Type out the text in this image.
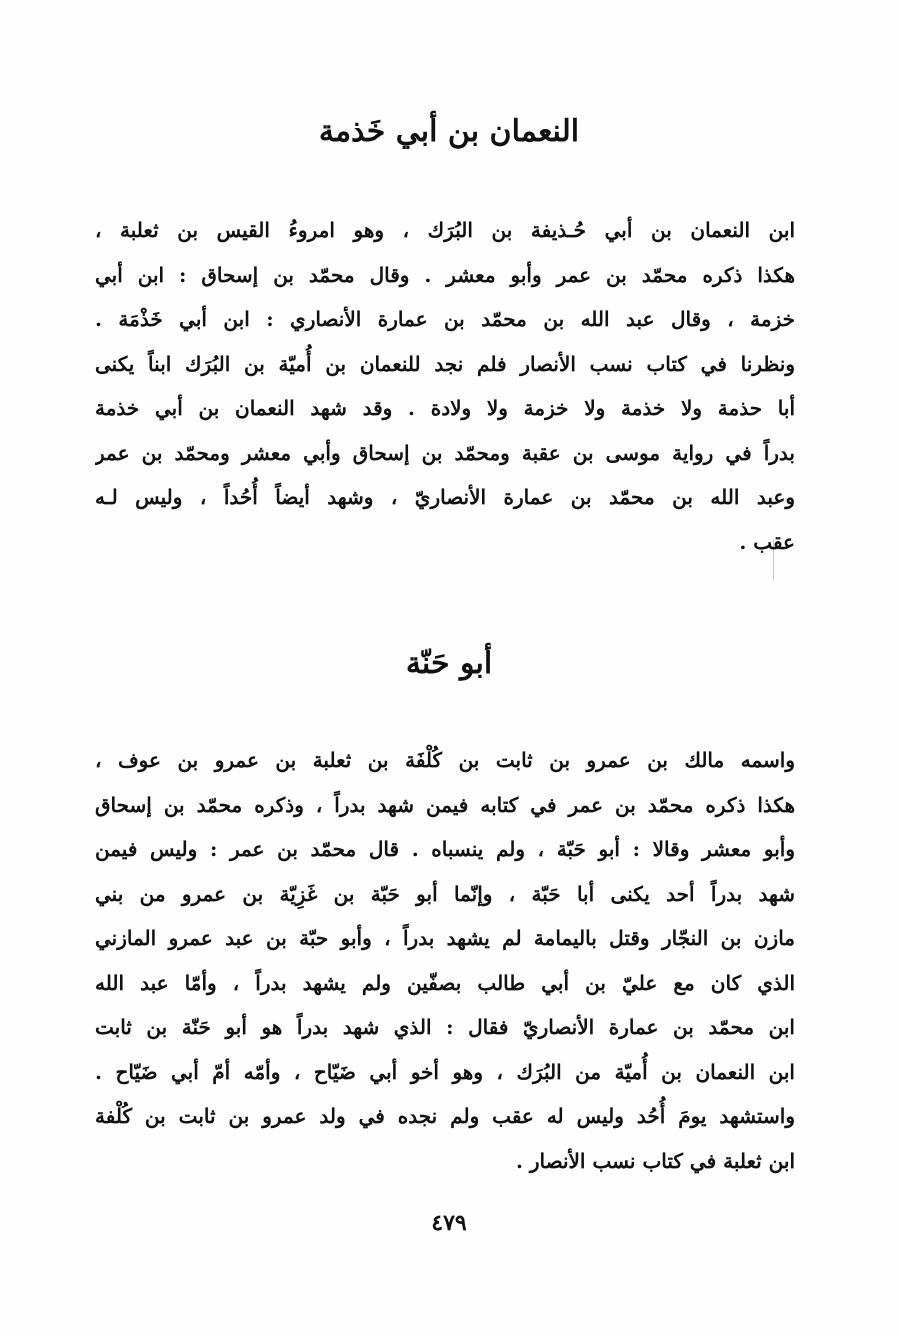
النعمان بن أبي خَذمة
ابن النعمان بن أبي حُـذيفة بن البُرَك ، وهو امروءُ القيس بن ثعلبة ،
هكذا ذكره محمّد بن عمر وأبو معشر . وقال محمّد بن إسحاق : ابن أبي
خزمة ، وقال عبد الله بن محمّد بن عمارة الأنصاري : ابن أبي خَذْمَة .
ونظرنا في كتاب نسب الأنصار فلم نجد للنعمان بن أُميّة بن البُرَك ابناً يكنى
أبا حذمة ولا خذمة ولا خزمة ولا ولادة . وقد شهد النعمان بن أبي خذمة
بدراً في رواية موسى بن عقبة ومحمّد بن إسحاق وأبي معشر ومحمّد بن عمر
وعبد الله بن محمّد بن عمارة الأنصاريّ ، وشهد أيضاً أُحُداً ، وليس لـه
عقب .
أبو حَنّة
واسمه مالك بن عمرو بن ثابت بن كُلْفَة بن ثعلبة بن عمرو بن عوف ،
هكذا ذكره محمّد بن عمر في كتابه فيمن شهد بدراً ، وذكره محمّد بن إسحاق
وأبو معشر وقالا : أبو حَبّة ، ولم ينسباه . قال محمّد بن عمر : وليس فيمن
شهد بدراً أحد يكنى أبا حَبّة ، وإنّما أبو حَبّة بن غَزِيّة بن عمرو من بني
مازن بن النجّار وقتل باليمامة لم يشهد بدراً ، وأبو حبّة بن عبد عمرو المازني
الذي كان مع عليّ بن أبي طالب بصفّين ولم يشهد بدراً ، وأمّا عبد الله
ابن محمّد بن عمارة الأنصاريّ فقال : الذي شهد بدراً هو أبو حَنّة بن ثابت
ابن النعمان بن أُميّة من البُرَك ، وهو أخو أبي ضَيّاح ، وأمّه أمّ أبي ضَيّاح .
واستشهد يومَ أُحُد وليس له عقب ولم نجده في ولد عمرو بن ثابت بن كُلْفة
ابن ثعلبة في كتاب نسب الأنصار .
٤٧٩
